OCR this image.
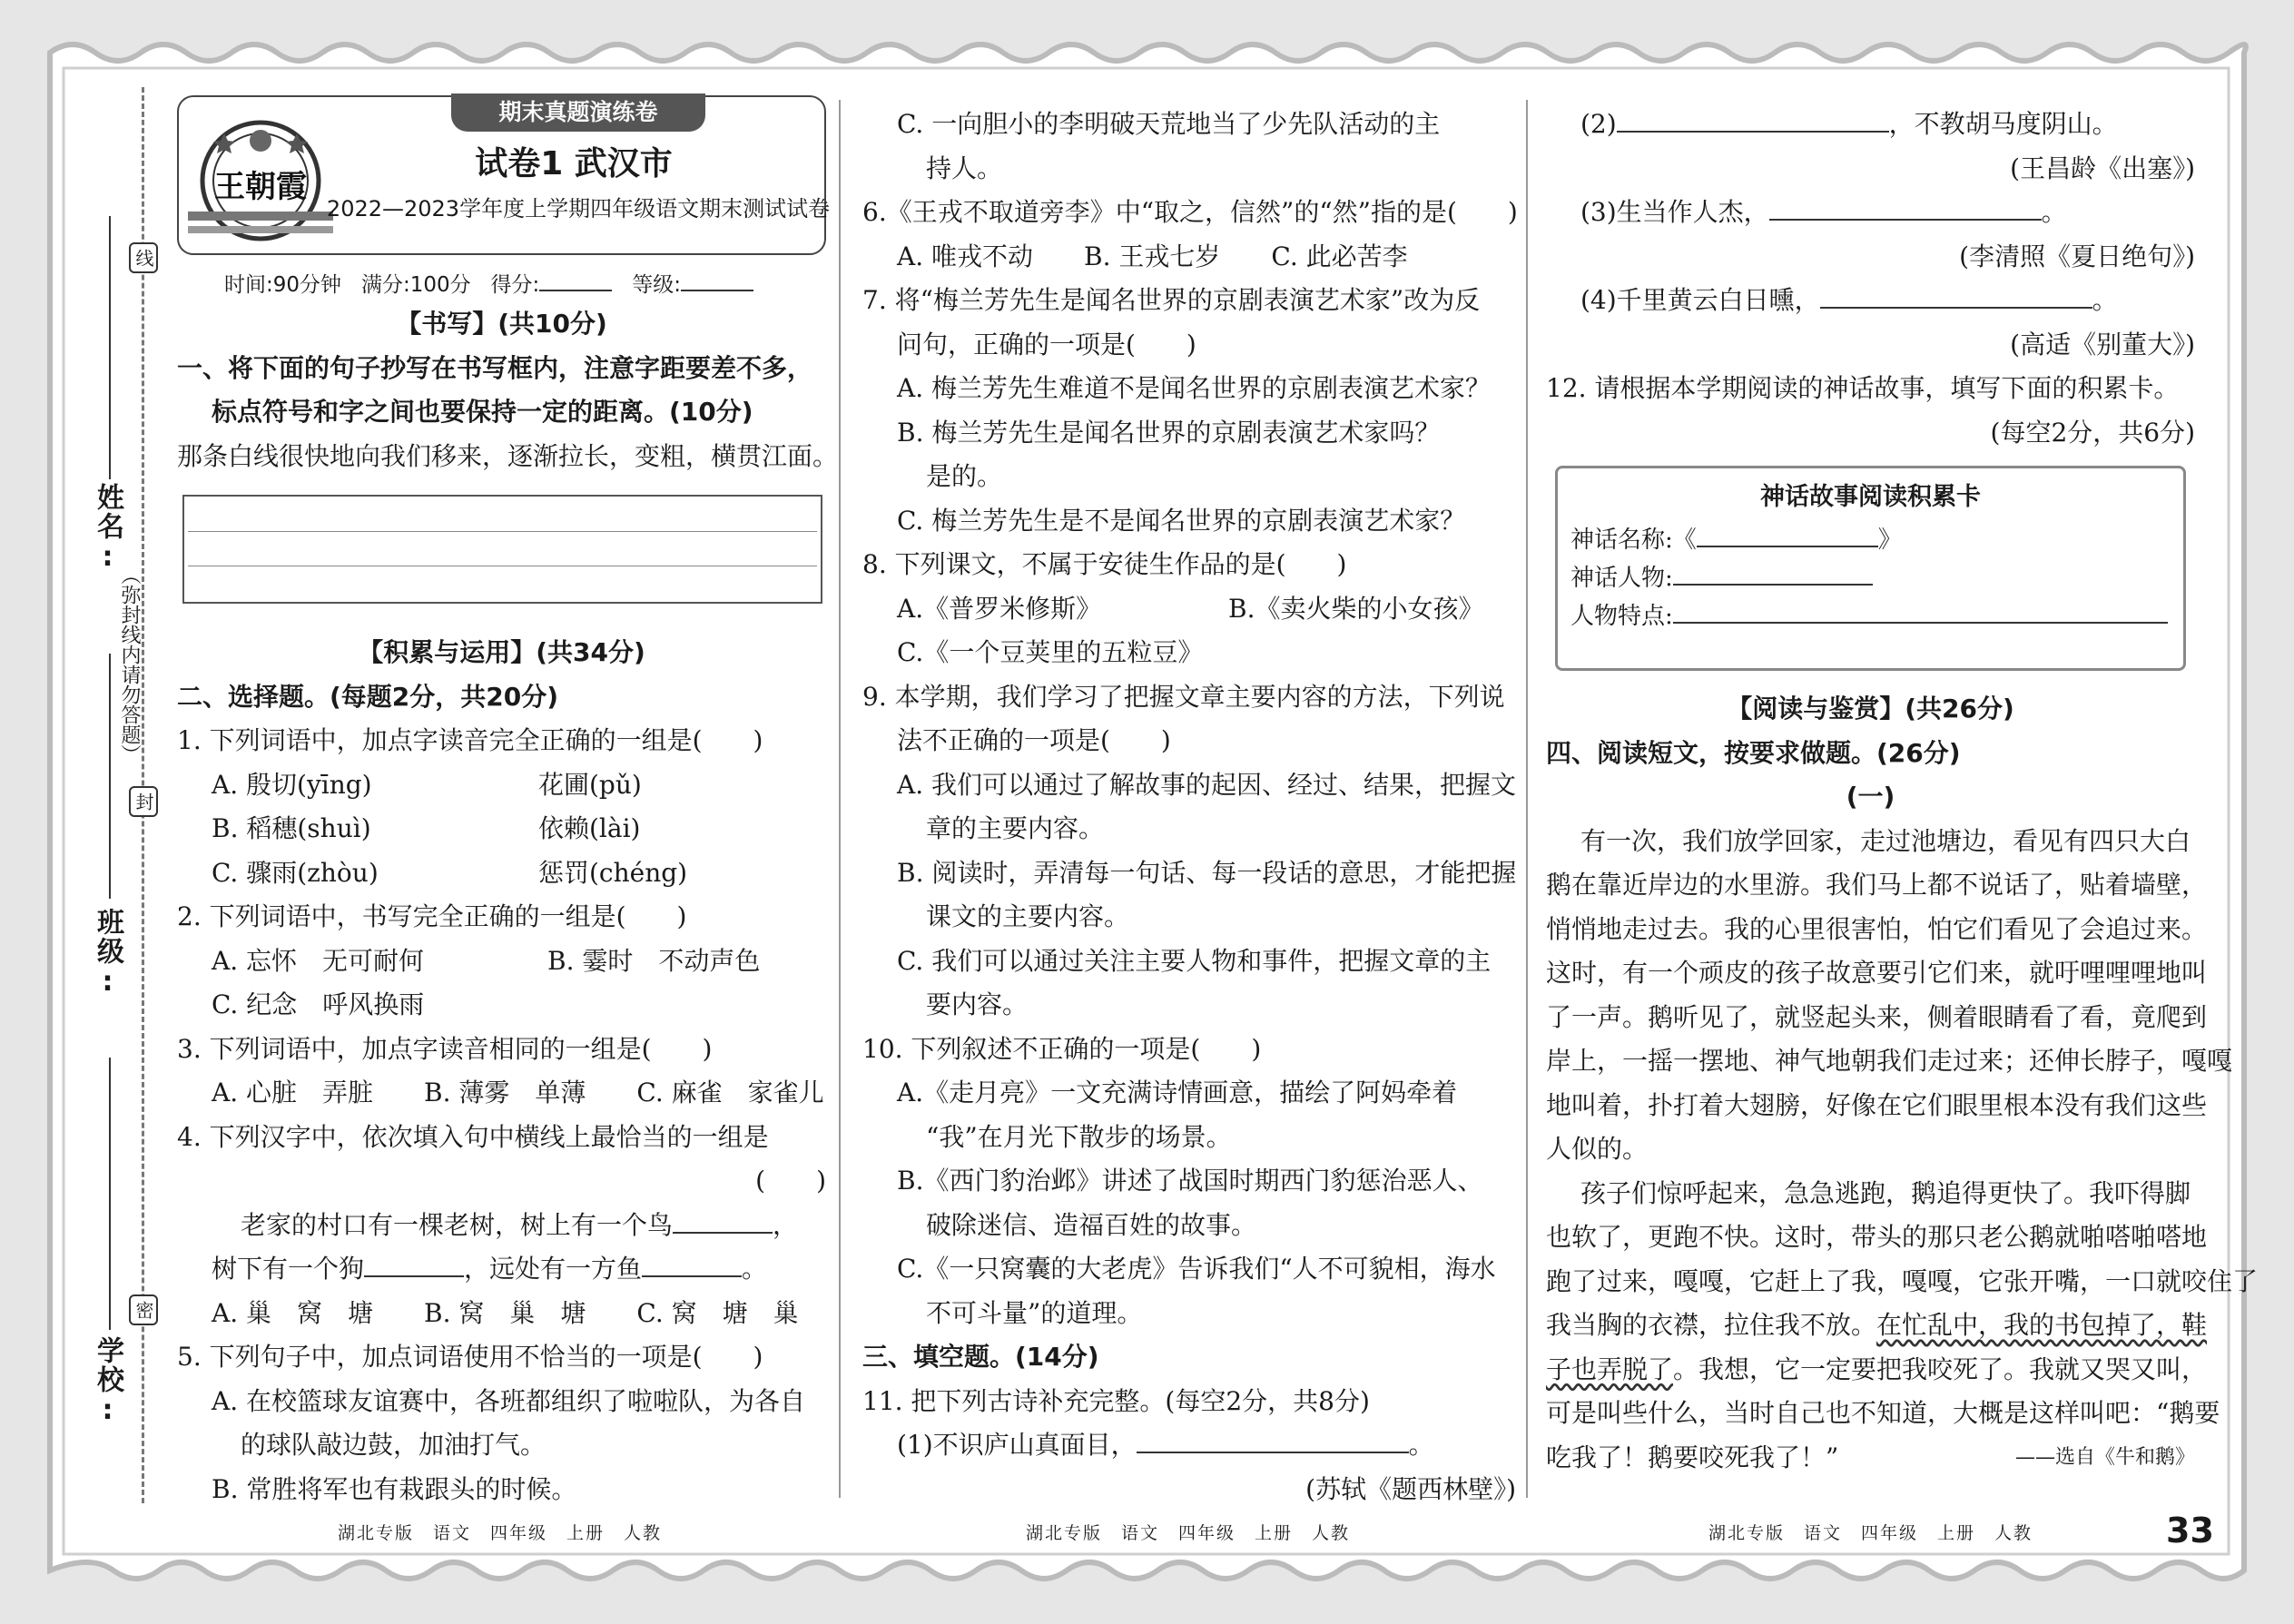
姓名:
班级:
学校:
线
封
密
（弥封线内请勿答题）
期末真题演练卷
王朝霞
试卷1 武汉市
2022—2023学年度上学期四年级语文期末测试试卷
时间:90分钟 满分:100分 得分:	等级:
【书写】(共10分)
一、将下面的句子抄写在书写框内，注意字距要差不多，
标点符号和字之间也要保持一定的距离。(10分)
那条白线很快地向我们移来，逐渐拉长，变粗，横贯江面。
【积累与运用】(共34分)
二、选择题。(每题2分，共20分)
1. 下列词语中，加点字读音完全正确的一组是(　　)
A. 殷切(yīng)	花圃(pǔ)
B. 稻穗(shuì)	依赖(lài)
C. 骤雨(zhòu)	惩罚(chéng)
2. 下列词语中，书写完全正确的一组是(　　)
A. 忘怀　无可耐何	B. 霎时　不动声色
C. 纪念　呼风换雨
3. 下列词语中，加点字读音相同的一组是(　　)
A. 心脏　弄脏　　B. 薄雾　单薄　　C. 麻雀　家雀儿
4. 下列汉字中，依次填入句中横线上最恰当的一组是
(　　)
老家的村口有一棵老树，树上有一个鸟	，
树下有一个狗	，远处有一方鱼	。
A. 巢　窝　塘　　B. 窝　巢　塘　　C. 窝　塘　巢
5. 下列句子中，加点词语使用不恰当的一项是(　　)
A. 在校篮球友谊赛中，各班都组织了啦啦队，为各自
的球队敲边鼓，加油打气。
B. 常胜将军也有栽跟头的时候。
C. 一向胆小的李明破天荒地当了少先队活动的主
持人。
6.《王戎不取道旁李》中“取之，信然”的“然”指的是(　　)
A. 唯戎不动　　B. 王戎七岁　　C. 此必苦李
7. 将“梅兰芳先生是闻名世界的京剧表演艺术家”改为反
问句，正确的一项是(　　)
A. 梅兰芳先生难道不是闻名世界的京剧表演艺术家？
B. 梅兰芳先生是闻名世界的京剧表演艺术家吗？
是的。
C. 梅兰芳先生是不是闻名世界的京剧表演艺术家？
8. 下列课文，不属于安徒生作品的是(　　)
A.《普罗米修斯》	B.《卖火柴的小女孩》
C.《一个豆荚里的五粒豆》
9. 本学期，我们学习了把握文章主要内容的方法，下列说
法不正确的一项是(　　)
A. 我们可以通过了解故事的起因、经过、结果，把握文
章的主要内容。
B. 阅读时，弄清每一句话、每一段话的意思，才能把握
课文的主要内容。
C. 我们可以通过关注主要人物和事件，把握文章的主
要内容。
10. 下列叙述不正确的一项是(　　)
A.《走月亮》一文充满诗情画意，描绘了阿妈牵着
“我”在月光下散步的场景。
B.《西门豹治邺》讲述了战国时期西门豹惩治恶人、
破除迷信、造福百姓的故事。
C.《一只窝囊的大老虎》告诉我们“人不可貌相，海水
不可斗量”的道理。
三、填空题。(14分)
11. 把下列古诗补充完整。(每空2分，共8分)
(1)不识庐山真面目，	。
(苏轼《题西林壁》)
(2)	，不教胡马度阴山。
(王昌龄《出塞》)
(3)生当作人杰，	。
(李清照《夏日绝句》)
(4)千里黄云白日曛，	。
(高适《别董大》)
12. 请根据本学期阅读的神话故事，填写下面的积累卡。
(每空2分，共6分)
神话故事阅读积累卡
神话名称:《	》
神话人物:
人物特点:
【阅读与鉴赏】(共26分)
四、阅读短文，按要求做题。(26分)
(一)
有一次，我们放学回家，走过池塘边，看见有四只大白
鹅在靠近岸边的水里游。我们马上都不说话了，贴着墙壁，
悄悄地走过去。我的心里很害怕，怕它们看见了会追过来。
这时，有一个顽皮的孩子故意要引它们来，就吁哩哩哩地叫
了一声。鹅听见了，就竖起头来，侧着眼睛看了看，竟爬到
岸上，一摇一摆地、神气地朝我们走过来；还伸长脖子，嘎嘎
地叫着，扑打着大翅膀，好像在它们眼里根本没有我们这些
人似的。
孩子们惊呼起来，急急逃跑，鹅追得更快了。我吓得脚
也软了，更跑不快。这时，带头的那只老公鹅就啪嗒啪嗒地
跑了过来，嘎嘎，它赶上了我，嘎嘎，它张开嘴，一口就咬住了
我当胸的衣襟，拉住我不放。在忙乱中，我的书包掉了，鞋
子也弄脱了。我想，它一定要把我咬死了。我就又哭又叫，
可是叫些什么，当时自己也不知道，大概是这样叫吧：“鹅要
吃我了！鹅要咬死我了！”	——选自《牛和鹅》
湖北专版　语文　四年级　上册　人教	湖北专版　语文　四年级　上册　人教	湖北专版　语文　四年级　上册　人教	33
